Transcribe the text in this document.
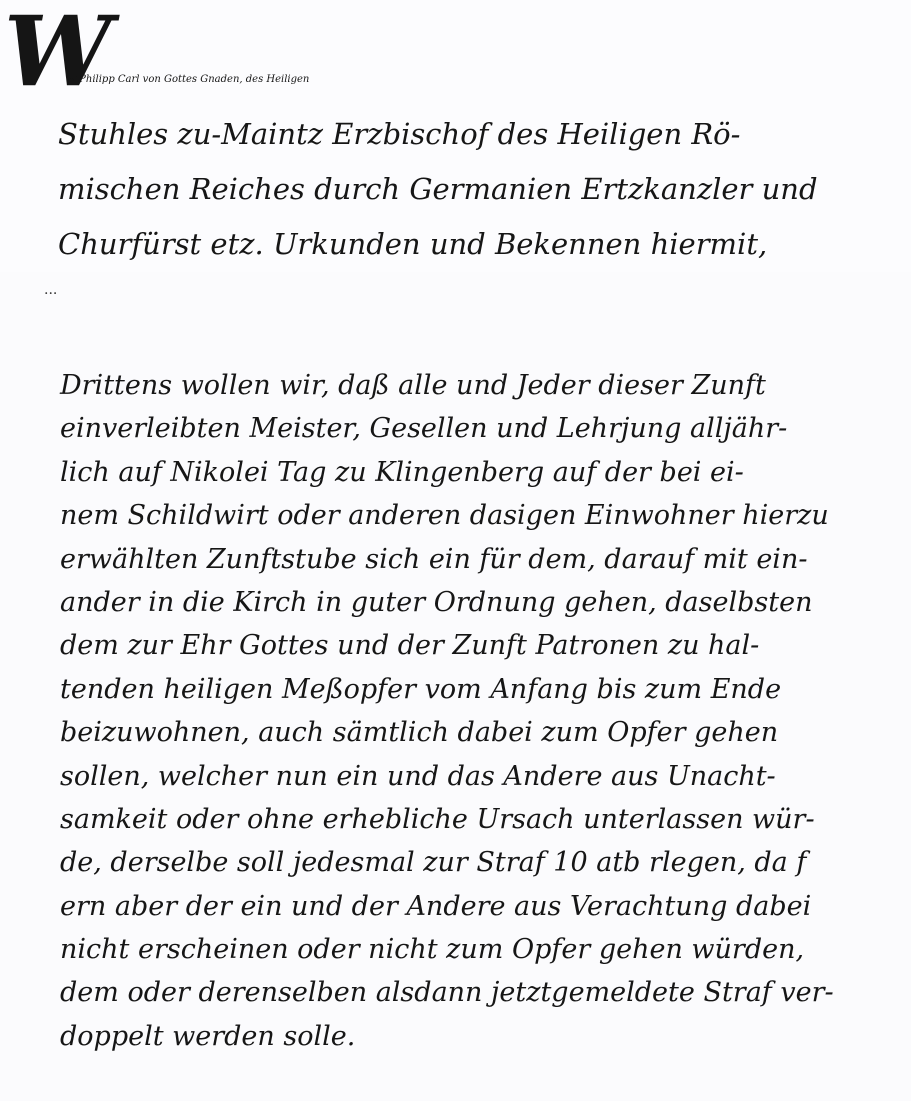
W
ir Philipp Carl von Gottes Gnaden, des Heiligen
Stuhles zu-Maintz Erzbischof des Heiligen Rö-
mischen Reiches durch Germanien Ertzkanzler und
Churfürst etz. Urkunden und Bekennen hiermit,
...
Drittens wollen wir, daß alle und Jeder dieser Zunft
einverleibten Meister, Gesellen und Lehrjung alljähr-
lich auf Nikolei Tag zu Klingenberg auf der bei ei-
nem Schildwirt oder anderen dasigen Einwohner hierzu
erwählten Zunftstube sich ein für dem, darauf mit ein-
ander in die Kirch in guter Ordnung gehen, daselbsten
dem zur Ehr Gottes und der Zunft Patronen zu hal-
tenden heiligen Meßopfer vom Anfang bis zum Ende
beizuwohnen, auch sämtlich dabei zum Opfer gehen
sollen, welcher nun ein und das Andere aus Unacht-
samkeit oder ohne erhebliche Ursach unterlassen wür-
de, derselbe soll jedesmal zur Straf 10 atb rlegen, da f
ern aber der ein und der Andere aus Verachtung dabei
nicht erscheinen oder nicht zum Opfer gehen würden,
dem oder derenselben alsdann jetztgemeldete Straf ver-
doppelt werden solle.
